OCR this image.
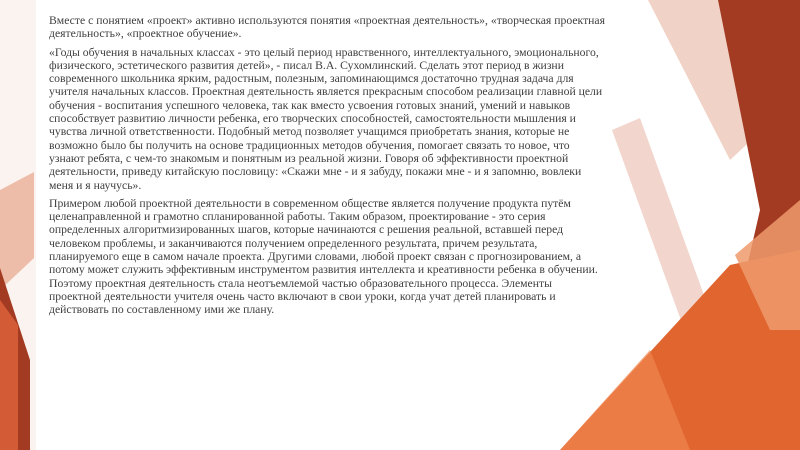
Вместе с понятием «проект» активно используются понятия «проектная деятельность», «творческая проектная деятельность», «проектное обучение».

«Годы обучения в начальных классах - это целый период нравственного, интеллектуального, эмоционального, физического, эстетического развития детей», - писал В.А. Сухомлинский. Сделать этот период в жизни современного школьника ярким, радостным, полезным, запоминающимся достаточно трудная задача для учителя начальных классов. Проектная деятельность является прекрасным способом реализации главной цели обучения - воспитания успешного человека, так как вместо усвоения готовых знаний, умений и навыков способствует развитию личности ребенка, его творческих способностей, самостоятельности мышления и чувства личной ответственности. Подобный метод позволяет учащимся приобретать знания, которые не возможно было бы получить на основе традиционных методов обучения, помогает связать то новое, что узнают ребята, с чем-то знакомым и понятным из реальной жизни. Говоря об эффективности проектной деятельности, приведу китайскую пословицу: «Скажи мне - и я забуду, покажи мне - и я запомню, вовлеки меня и я научусь».

Примером любой проектной деятельности в современном обществе является получение продукта путём целенаправленной и грамотно спланированной работы. Таким образом, проектирование - это серия определенных алгоритмизированных шагов, которые начинаются с решения реальной, вставшей перед человеком проблемы, и заканчиваются получением определенного результата, причем результата, планируемого еще в самом начале проекта. Другими словами, любой проект связан с прогнозированием, а потому может служить эффективным инструментом развития интеллекта и креативности ребенка в обучении. Поэтому проектная деятельность стала неотъемлемой частью образовательного процесса. Элементы проектной деятельности учителя очень часто включают в свои уроки, когда учат детей планировать и действовать по составленному ими же плану.
